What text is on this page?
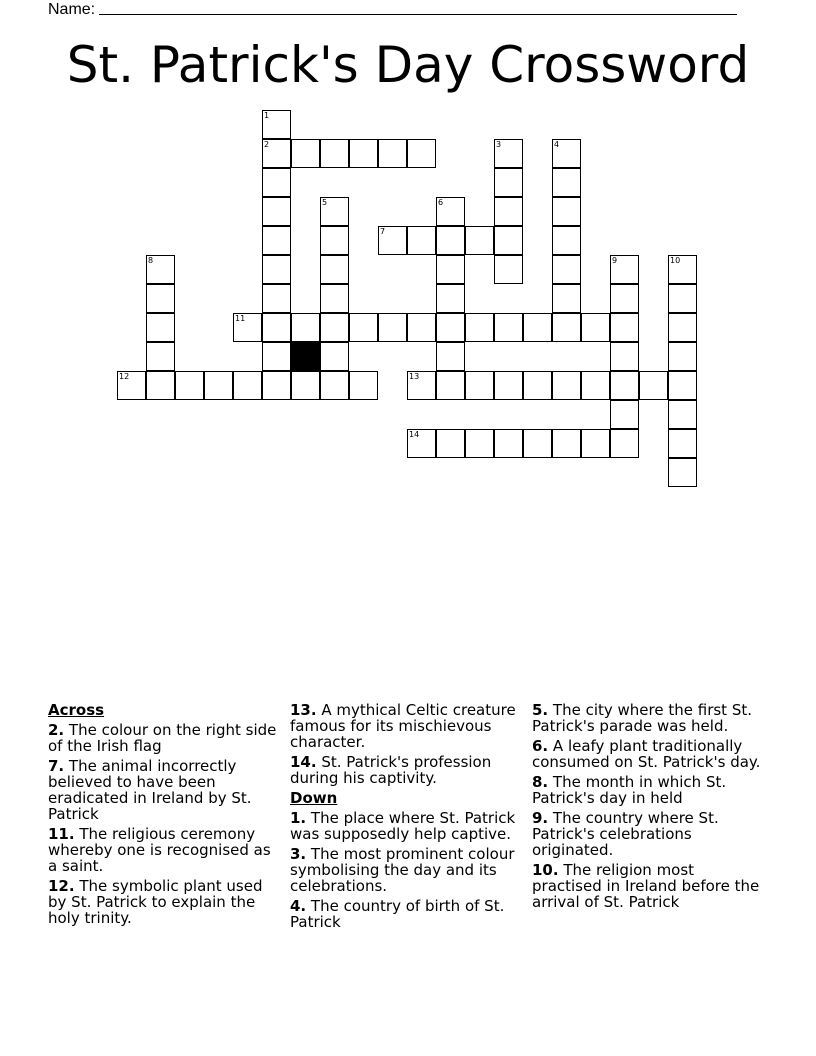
Name:
St. Patrick's Day Crossword
2
7
11
12	13
14
1
3	4
5	6
8	9	10
Across
2. The colour on the right side of the Irish flag
7. The animal incorrectly believed to have been eradicated in Ireland by St. Patrick
11. The religious ceremony whereby one is recognised as a saint.
12. The symbolic plant used by St. Patrick to explain the holy trinity.
13. A mythical Celtic creature famous for its mischievous character.
14. St. Patrick's profession during his captivity.
Down
1. The place where St. Patrick was supposedly help captive.
3. The most prominent colour symbolising the day and its celebrations.
4. The country of birth of St. Patrick
5. The city where the first St. Patrick's parade was held.
6. A leafy plant traditionally consumed on St. Patrick's day.
8. The month in which St. Patrick's day in held
9. The country where St. Patrick's celebrations originated.
10. The religion most practised in Ireland before the arrival of St. Patrick
